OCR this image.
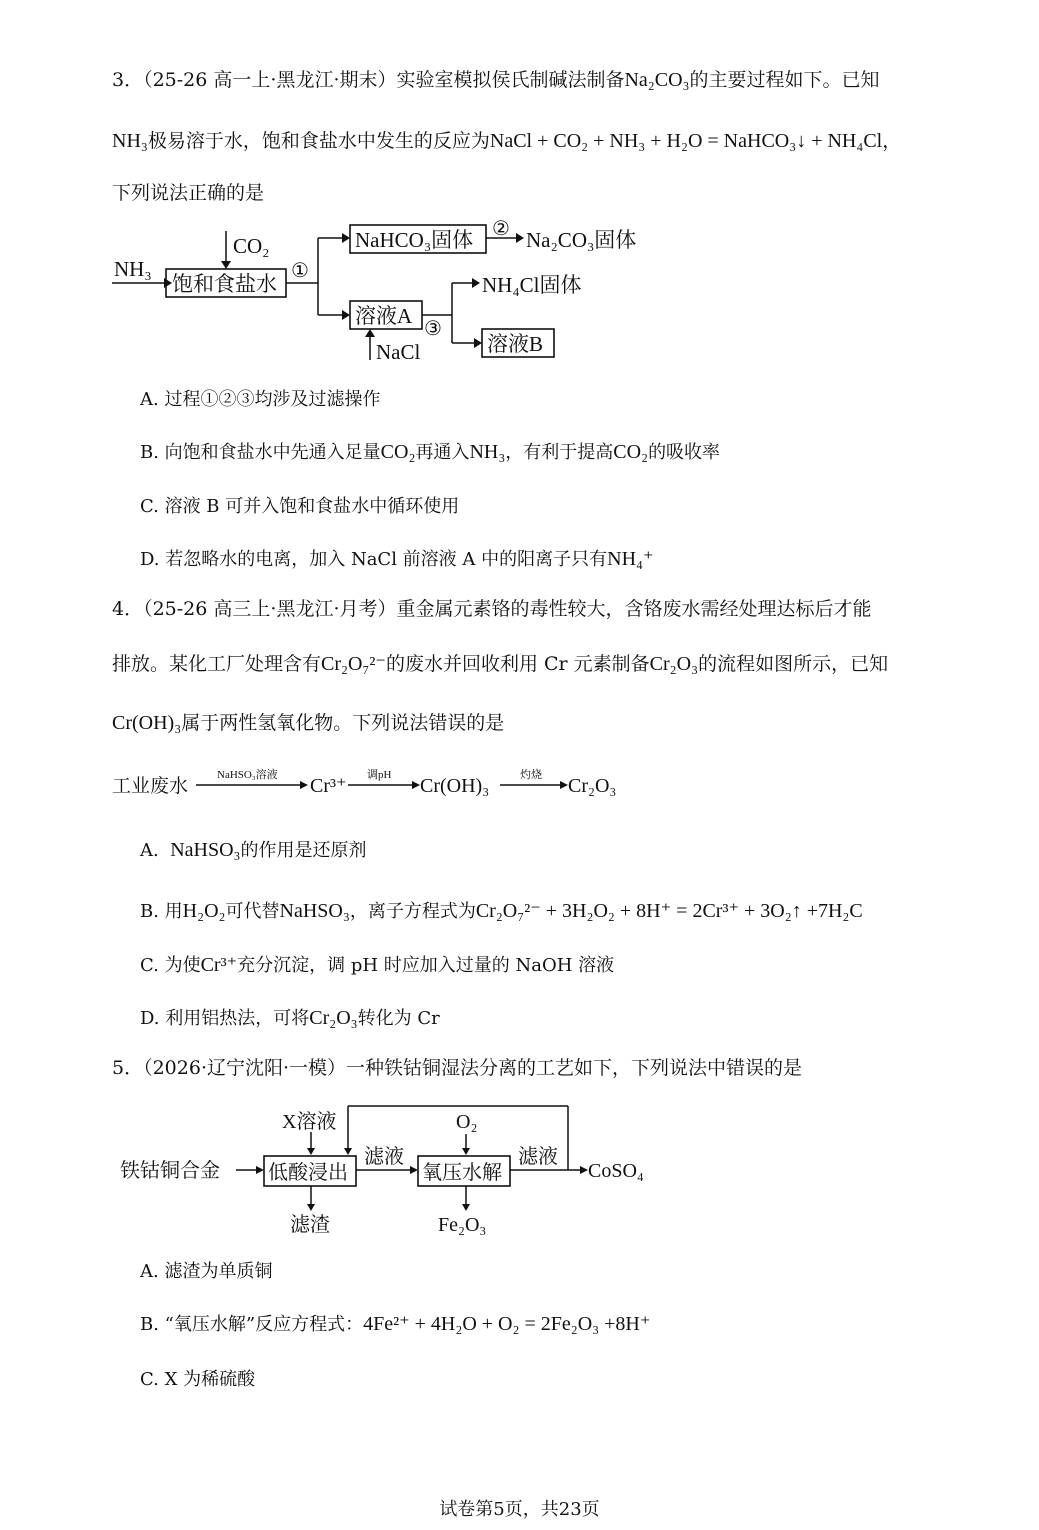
3．（25-26 高一上·黑龙江·期末）实验室模拟侯氏制碱法制备Na₂CO₃的主要过程如下。已知
NH₃极易溶于水，饱和食盐水中发生的反应为NaCl + CO₂ + NH₃ + H₂O = NaHCO₃↓ + NH₄Cl，
下列说法正确的是
NH₃
CO₂
饱和食盐水
①
NaHCO₃固体 ② Na₂CO₃固体
溶液A
NaCl
③
NH₄Cl固体
溶液B
A. 过程①②③均涉及过滤操作
B. 向饱和食盐水中先通入足量CO₂再通入NH₃，有利于提高CO₂的吸收率
C. 溶液 B 可并入饱和食盐水中循环使用
D. 若忽略水的电离，加入 NaCl 前溶液 A 中的阳离子只有NH₄⁺
4．（25-26 高三上·黑龙江·月考）重金属元素铬的毒性较大，含铬废水需经处理达标后才能
排放。某化工厂处理含有Cr₂O₇²⁻的废水并回收利用 Cr 元素制备Cr₂O₃的流程如图所示，已知
Cr(OH)₃属于两性氢氧化物。下列说法错误的是
工业废水
NaHSO₃溶液 Cr³⁺ 调pH Cr(OH)₃	灼烧 Cr₂O₃
A. NaHSO₃的作用是还原剂
B. 用H₂O₂可代替NaHSO₃，离子方程式为Cr₂O₇²⁻ + 3H₂O₂ + 8H⁺ = 2Cr³⁺ + 3O₂↑ +7H₂C
C. 为使Cr³⁺充分沉淀，调 pH 时应加入过量的 NaOH 溶液
D. 利用铝热法，可将Cr₂O₃转化为 Cr
5．（2026·辽宁沈阳·一模）一种铁钴铜湿法分离的工艺如下，下列说法中错误的是
铁钴铜合金
X溶液
低酸浸出
滤渣
滤液
O₂
氧压水解
Fe₂O₃
滤液
CoSO₄
A. 滤渣为单质铜
B. “氧压水解”反应方程式：4Fe²⁺ + 4H₂O + O₂ = 2Fe₂O₃ +8H⁺
C. X 为稀硫酸
试卷第5页，共23页
